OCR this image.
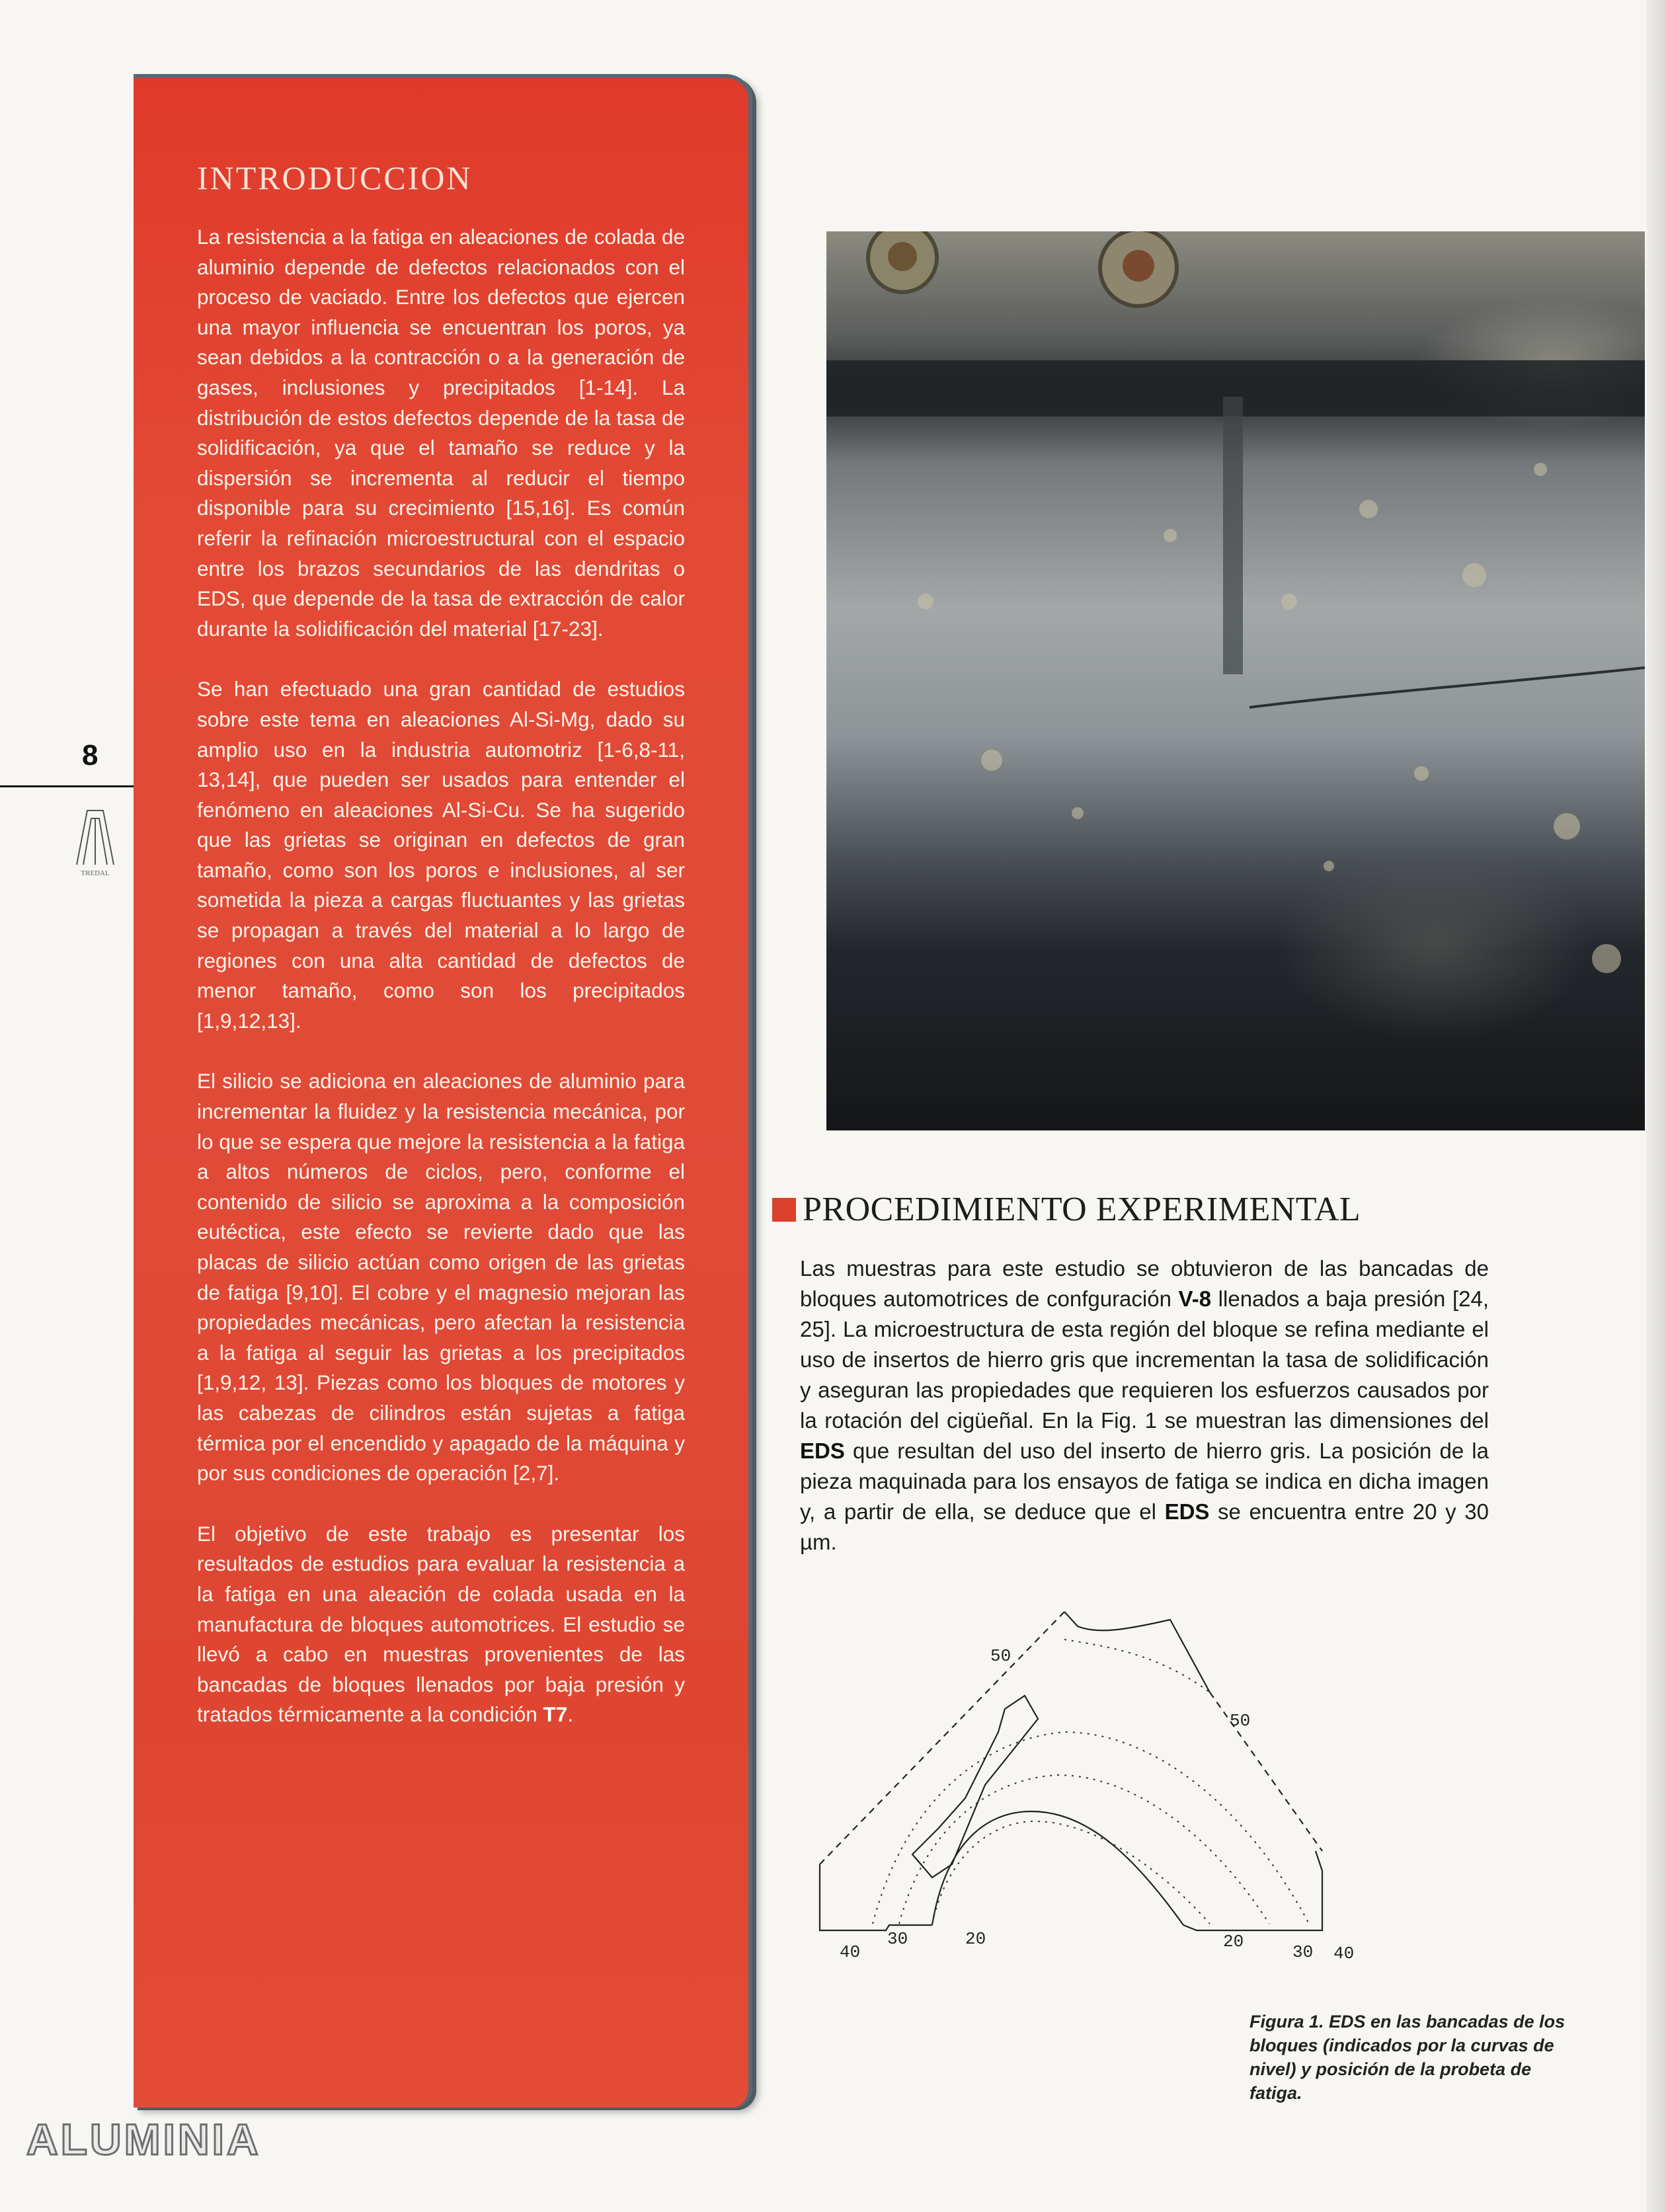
INTRODUCCION

La resistencia a la fatiga en aleaciones de colada de aluminio depende de defectos relacionados con el proceso de vaciado. Entre los defectos que ejercen una mayor influencia se encuentran los poros, ya sean debidos a la contracción o a la generación de gases, inclusiones y precipitados [1-14]. La distribución de estos defectos depende de la tasa de solidificación, ya que el tamaño se reduce y la dispersión se incrementa al reducir el tiempo disponible para su crecimiento [15,16]. Es común referir la refinación microestructural con el espacio entre los brazos secundarios de las dendritas o EDS, que depende de la tasa de extracción de calor durante la solidificación del material [17-23].

Se han efectuado una gran cantidad de estudios sobre este tema en aleaciones Al-Si-Mg, dado su amplio uso en la industria automotriz [1-6,8-11, 13,14], que pueden ser usados para entender el fenómeno en aleaciones Al-Si-Cu. Se ha sugerido que las grietas se originan en defectos de gran tamaño, como son los poros e inclusiones, al ser sometida la pieza a cargas fluctuantes y las grietas se propagan a través del material a lo largo de regiones con una alta cantidad de defectos de menor tamaño, como son los precipitados [1,9,12,13].

El silicio se adiciona en aleaciones de aluminio para incrementar la fluidez y la resistencia mecánica, por lo que se espera que mejore la resistencia a la fatiga a altos números de ciclos, pero, conforme el contenido de silicio se aproxima a la composición eutéctica, este efecto se revierte dado que las placas de silicio actúan como origen de las grietas de fatiga [9,10]. El cobre y el magnesio mejoran las propiedades mecánicas, pero afectan la resistencia a la fatiga al seguir las grietas a los precipitados [1,9,12, 13]. Piezas como los bloques de motores y las cabezas de cilindros están sujetas a fatiga térmica por el encendido y apagado de la máquina y por sus condiciones de operación [2,7].

El objetivo de este trabajo es presentar los resultados de estudios para evaluar la resistencia a la fatiga en una aleación de colada usada en la manufactura de bloques automotrices. El estudio se llevó a cabo en muestras provenientes de las bancadas de bloques llenados por baja presión y tratados térmicamente a la condición T7.

8
TREDAL
ALUMINIA
PROCEDIMIENTO EXPERIMENTAL

Las muestras para este estudio se obtuvieron de las bancadas de bloques automotrices de confguración V-8 llenados a baja presión [24, 25]. La microestructura de esta región del bloque se refina mediante el uso de insertos de hierro gris que incrementan la tasa de solidificación y aseguran las propiedades que requieren los esfuerzos causados por la rotación del cigüeñal. En la Fig. 1 se muestran las dimensiones del EDS que resultan del uso del inserto de hierro gris. La posición de la pieza maquinada para los ensayos de fatiga se indica en dicha imagen y, a partir de ella, se deduce que el EDS se encuentra entre 20 y 30 µm.

50
50
40
30	20	20
30 40
Figura 1. EDS en las bancadas de los bloques (indicados por la curvas de nivel) y posición de la probeta de fatiga.
